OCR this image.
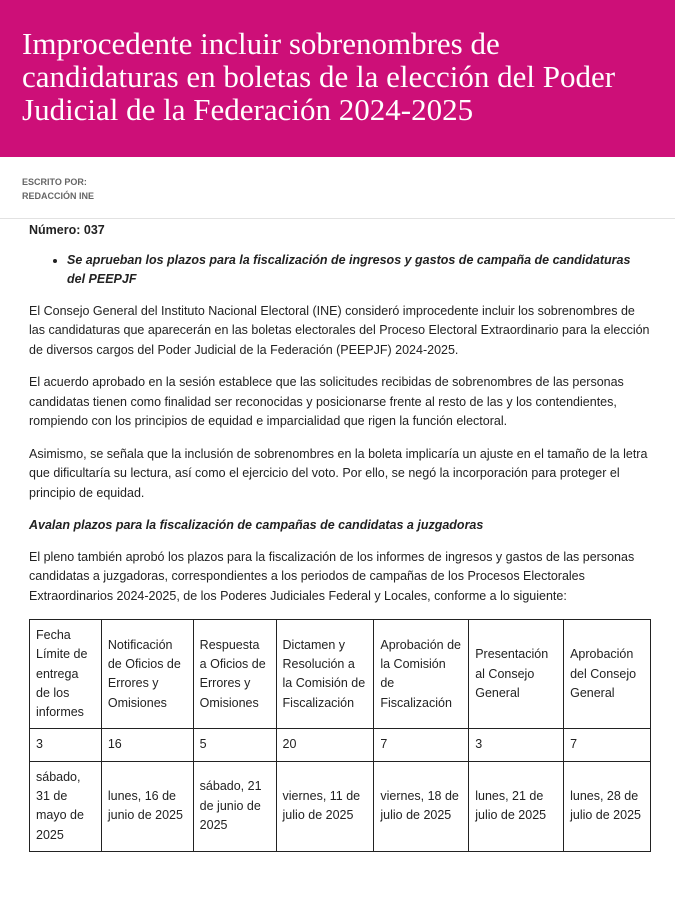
Improcedente incluir sobrenombres de candidaturas en boletas de la elección del Poder Judicial de la Federación 2024-2025
ESCRITO POR:
REDACCIÓN INE

Número: 037

• Se aprueban los plazos para la fiscalización de ingresos y gastos de campaña de candidaturas del PEEPJF

El Consejo General del Instituto Nacional Electoral (INE) consideró improcedente incluir los sobrenombres de las candidaturas que aparecerán en las boletas electorales del Proceso Electoral Extraordinario para la elección de diversos cargos del Poder Judicial de la Federación (PEEPJF) 2024-2025.

El acuerdo aprobado en la sesión establece que las solicitudes recibidas de sobrenombres de las personas candidatas tienen como finalidad ser reconocidas y posicionarse frente al resto de las y los contendientes, rompiendo con los principios de equidad e imparcialidad que rigen la función electoral.

Asimismo, se señala que la inclusión de sobrenombres en la boleta implicaría un ajuste en el tamaño de la letra que dificultaría su lectura, así como el ejercicio del voto. Por ello, se negó la incorporación para proteger el principio de equidad.

Avalan plazos para la fiscalización de campañas de candidatas a juzgadoras

El pleno también aprobó los plazos para la fiscalización de los informes de ingresos y gastos de las personas candidatas a juzgadoras, correspondientes a los periodos de campañas de los Procesos Electorales Extraordinarios 2024-2025, de los Poderes Judiciales Federal y Locales, conforme a lo siguiente:

Fecha Límite de entrega de los informes	Notificación de Oficios de Errores y Omisiones	Respuesta a Oficios de Errores y Omisiones	Dictamen y Resolución a la Comisión de Fiscalización	Aprobación de la Comisión de Fiscalización	Presentación al Consejo General	Aprobación del Consejo General
3	16	5	20	7	3	7
sábado, 31 de mayo de 2025	lunes, 16 de junio de 2025	sábado, 21 de junio de 2025	viernes, 11 de julio de 2025	viernes, 18 de julio de 2025	lunes, 21 de julio de 2025	lunes, 28 de julio de 2025
